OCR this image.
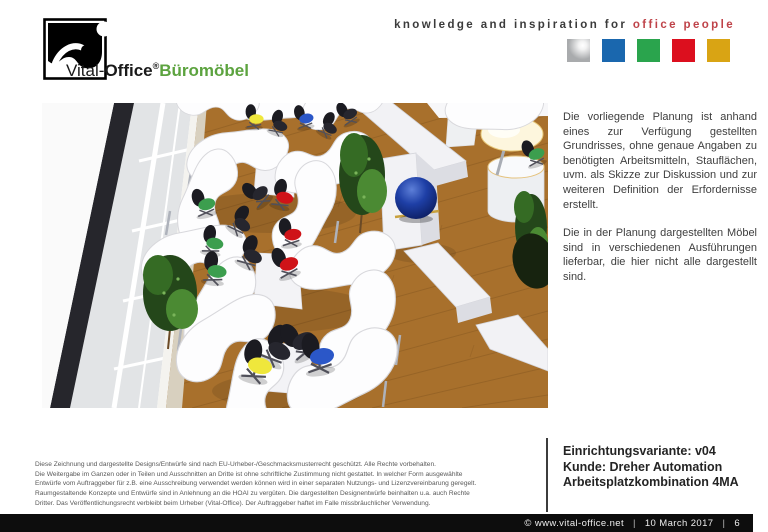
Vital-Office®Büromöbel
knowledge and inspiration for office people

Die vorliegende Planung ist anhand eines zur Verfügung gestellten Grundrisses, ohne genaue Angaben zu benötigten Arbeitsmitteln, Stauflächen, uvm. als Skizze zur Diskussion und zur weiteren Definition der Erfordernisse erstellt.

Die in der Planung dargestellten Möbel sind in verschiedenen Ausführungen lieferbar, die hier nicht alle dargestellt sind.

Diese Zeichnung und dargestellte Designs/Entwürfe sind nach EU-Urheber-/Geschmacksmusterrecht geschützt. Alle Rechte vorbehalten.
Die Weitergabe im Ganzen oder in Teilen und Ausschnitten an Dritte ist ohne schriftliche Zustimmung nicht gestattet. In welcher Form ausgewählte
Entwürfe vom Auftraggeber für z.B. eine Ausschreibung verwendet werden können wird in einer separaten Nutzungs- und Lizenzvereinbarung geregelt.
Raumgestaltende Konzepte und Entwürfe sind in Anlehnung an die HOAI zu vergüten. Die dargestellten Designentwürfe beinhalten u.a. auch Rechte
Dritter. Das Veröffentlichungsrecht verbleibt beim Urheber (Vital-Office). Der Auftraggeber haftet im Falle missbräuchlicher Verwendung.
Einrichtungsvariante: v04
Kunde: Dreher Automation
Arbeitsplatzkombination 4MA
© www.vital-office.net | 10 March 2017 | 6
